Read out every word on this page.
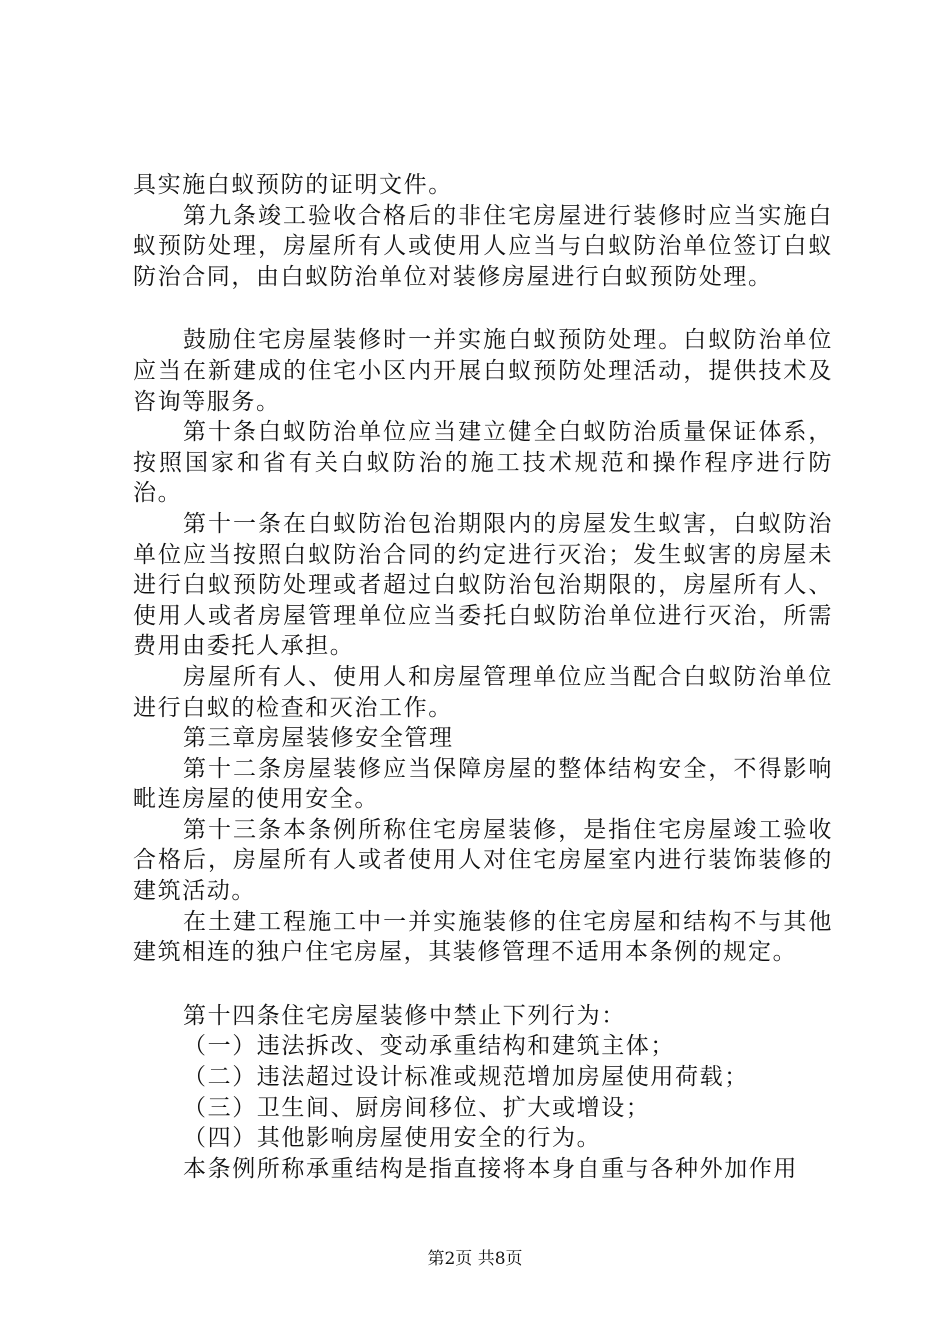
具实施白蚁预防的证明文件。

第九条竣工验收合格后的非住宅房屋进行装修时应当实施白蚁预防处理，房屋所有人或使用人应当与白蚁防治单位签订白蚁防治合同，由白蚁防治单位对装修房屋进行白蚁预防处理。

鼓励住宅房屋装修时一并实施白蚁预防处理。白蚁防治单位应当在新建成的住宅小区内开展白蚁预防处理活动，提供技术及咨询等服务。

第十条白蚁防治单位应当建立健全白蚁防治质量保证体系，按照国家和省有关白蚁防治的施工技术规范和操作程序进行防治。

第十一条在白蚁防治包治期限内的房屋发生蚁害，白蚁防治单位应当按照白蚁防治合同的约定进行灭治；发生蚁害的房屋未进行白蚁预防处理或者超过白蚁防治包治期限的，房屋所有人、使用人或者房屋管理单位应当委托白蚁防治单位进行灭治，所需费用由委托人承担。

房屋所有人、使用人和房屋管理单位应当配合白蚁防治单位进行白蚁的检查和灭治工作。

第三章房屋装修安全管理

第十二条房屋装修应当保障房屋的整体结构安全，不得影响毗连房屋的使用安全。

第十三条本条例所称住宅房屋装修，是指住宅房屋竣工验收合格后，房屋所有人或者使用人对住宅房屋室内进行装饰装修的建筑活动。

在土建工程施工中一并实施装修的住宅房屋和结构不与其他建筑相连的独户住宅房屋，其装修管理不适用本条例的规定。

第十四条住宅房屋装修中禁止下列行为：

（一）违法拆改、变动承重结构和建筑主体；

（二）违法超过设计标准或规范增加房屋使用荷载；

（三）卫生间、厨房间移位、扩大或增设；

（四）其他影响房屋使用安全的行为。

本条例所称承重结构是指直接将本身自重与各种外加作用

第2页 共8页
